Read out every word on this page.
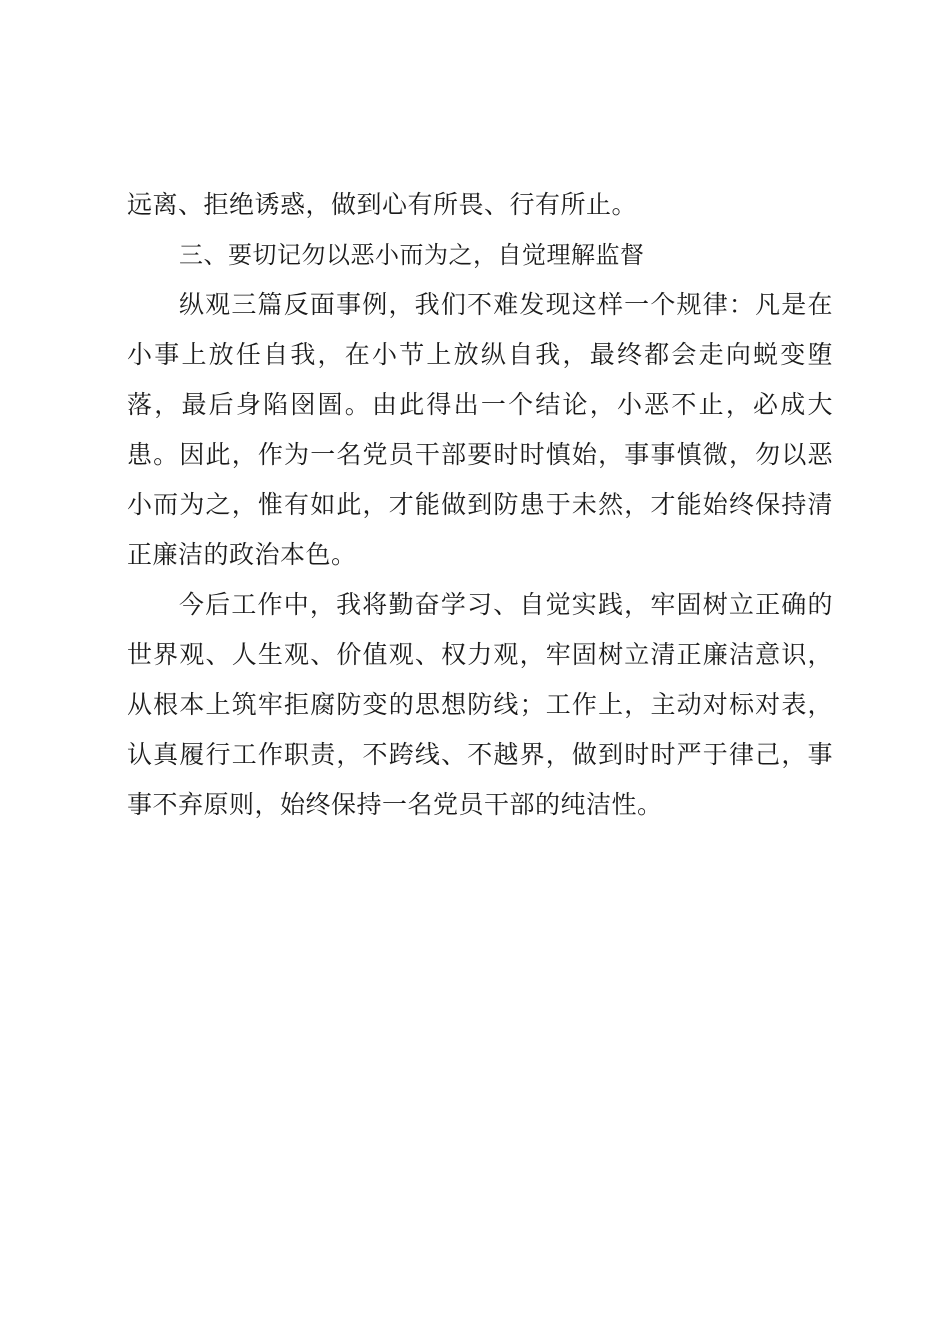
远离、拒绝诱惑，做到心有所畏、行有所止。

三、要切记勿以恶小而为之，自觉理解监督

纵观三篇反面事例，我们不难发现这样一个规律：凡是在小事上放任自我，在小节上放纵自我，最终都会走向蜕变堕落，最后身陷囹圄。由此得出一个结论，小恶不止，必成大患。因此，作为一名党员干部要时时慎始，事事慎微，勿以恶小而为之，惟有如此，才能做到防患于未然，才能始终保持清正廉洁的政治本色。

今后工作中，我将勤奋学习、自觉实践，牢固树立正确的世界观、人生观、价值观、权力观，牢固树立清正廉洁意识，从根本上筑牢拒腐防变的思想防线；工作上，主动对标对表，认真履行工作职责，不跨线、不越界，做到时时严于律己，事事不弃原则，始终保持一名党员干部的纯洁性。
